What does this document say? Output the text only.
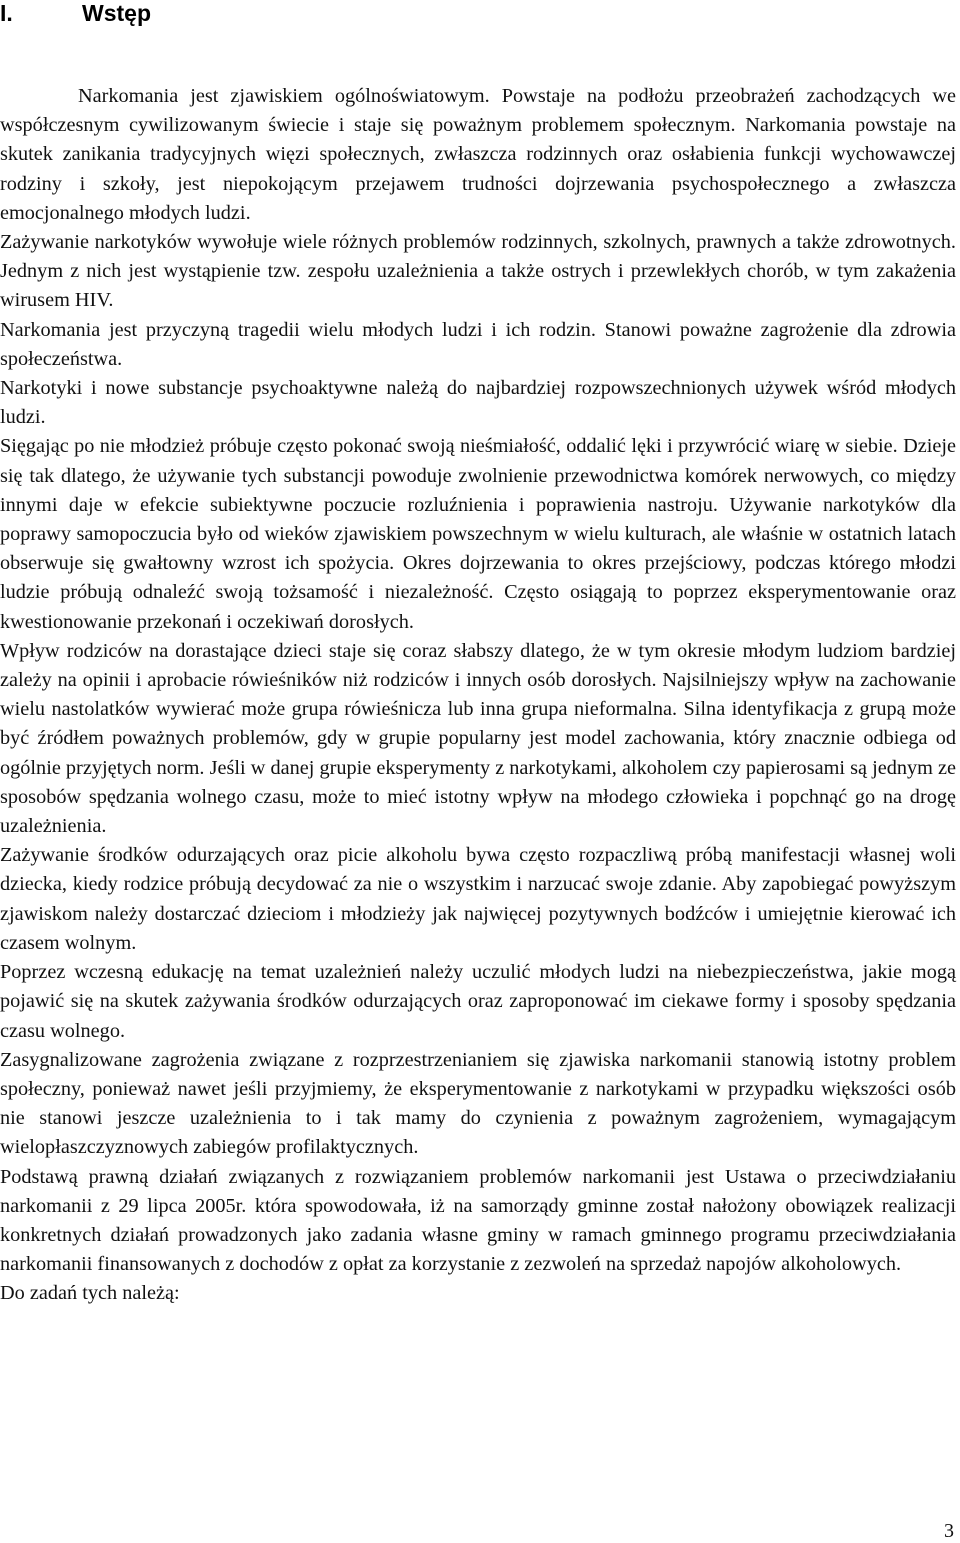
I.	Wstęp

Narkomania jest zjawiskiem ogólnoświatowym. Powstaje na podłożu przeobrażeń zachodzących we współczesnym cywilizowanym świecie i staje się poważnym problemem społecznym. Narkomania powstaje na skutek zanikania tradycyjnych więzi społecznych, zwłaszcza rodzinnych oraz osłabienia funkcji wychowawczej rodziny i szkoły, jest niepokojącym przejawem trudności dojrzewania psychospołecznego a zwłaszcza emocjonalnego młodych ludzi.

Zażywanie narkotyków wywołuje wiele różnych problemów rodzinnych, szkolnych, prawnych a także zdrowotnych. Jednym z nich jest wystąpienie tzw. zespołu uzależnienia a także ostrych i przewlekłych chorób, w tym zakażenia wirusem HIV.

Narkomania jest przyczyną tragedii wielu młodych ludzi i ich rodzin. Stanowi poważne zagrożenie dla zdrowia społeczeństwa.

Narkotyki i nowe substancje psychoaktywne należą do najbardziej rozpowszechnionych używek wśród młodych ludzi.

Sięgając po nie młodzież próbuje często pokonać swoją nieśmiałość, oddalić lęki i przywrócić wiarę w siebie. Dzieje się tak dlatego, że używanie tych substancji powoduje zwolnienie przewodnictwa komórek nerwowych, co między innymi daje w efekcie subiektywne poczucie rozluźnienia i poprawienia nastroju. Używanie narkotyków dla poprawy samopoczucia było od wieków zjawiskiem powszechnym w wielu kulturach, ale właśnie w ostatnich latach obserwuje się gwałtowny wzrost ich spożycia. Okres dojrzewania to okres przejściowy, podczas którego młodzi ludzie próbują odnaleźć swoją tożsamość i niezależność. Często osiągają to poprzez eksperymentowanie oraz kwestionowanie przekonań i oczekiwań dorosłych.

Wpływ rodziców na dorastające dzieci staje się coraz słabszy dlatego, że w tym okresie młodym ludziom bardziej zależy na opinii i aprobacie rówieśników niż rodziców i innych osób dorosłych. Najsilniejszy wpływ na zachowanie wielu nastolatków wywierać może grupa rówieśnicza lub inna grupa nieformalna. Silna identyfikacja z grupą może być źródłem poważnych problemów, gdy w grupie popularny jest model zachowania, który znacznie odbiega od ogólnie przyjętych norm. Jeśli w danej grupie eksperymenty z narkotykami, alkoholem czy papierosami są jednym ze sposobów spędzania wolnego czasu, może to mieć istotny wpływ na młodego człowieka i popchnąć go na drogę uzależnienia.

Zażywanie środków odurzających oraz picie alkoholu bywa często rozpaczliwą próbą manifestacji własnej woli dziecka, kiedy rodzice próbują decydować za nie o wszystkim i narzucać swoje zdanie. Aby zapobiegać powyższym zjawiskom należy dostarczać dzieciom i młodzieży jak najwięcej pozytywnych bodźców i umiejętnie kierować ich czasem wolnym.

Poprzez wczesną edukację na temat uzależnień należy uczulić młodych ludzi na niebezpieczeństwa, jakie mogą pojawić się na skutek zażywania środków odurzających oraz zaproponować im ciekawe formy i sposoby spędzania czasu wolnego.

Zasygnalizowane zagrożenia związane z rozprzestrzenianiem się zjawiska narkomanii stanowią istotny problem społeczny, ponieważ nawet jeśli przyjmiemy, że eksperymentowanie z narkotykami w przypadku większości osób nie stanowi jeszcze uzależnienia to i tak mamy do czynienia z poważnym zagrożeniem, wymagającym wielopłaszczyznowych zabiegów profilaktycznych.

Podstawą prawną działań związanych z rozwiązaniem problemów narkomanii jest Ustawa o przeciwdziałaniu narkomanii z 29 lipca 2005r. która spowodowała, iż na samorządy gminne został nałożony obowiązek realizacji konkretnych działań prowadzonych jako zadania własne gminy w ramach gminnego programu przeciwdziałania narkomanii finansowanych z dochodów z opłat za korzystanie z zezwoleń na sprzedaż napojów alkoholowych.

Do zadań tych należą:

3
